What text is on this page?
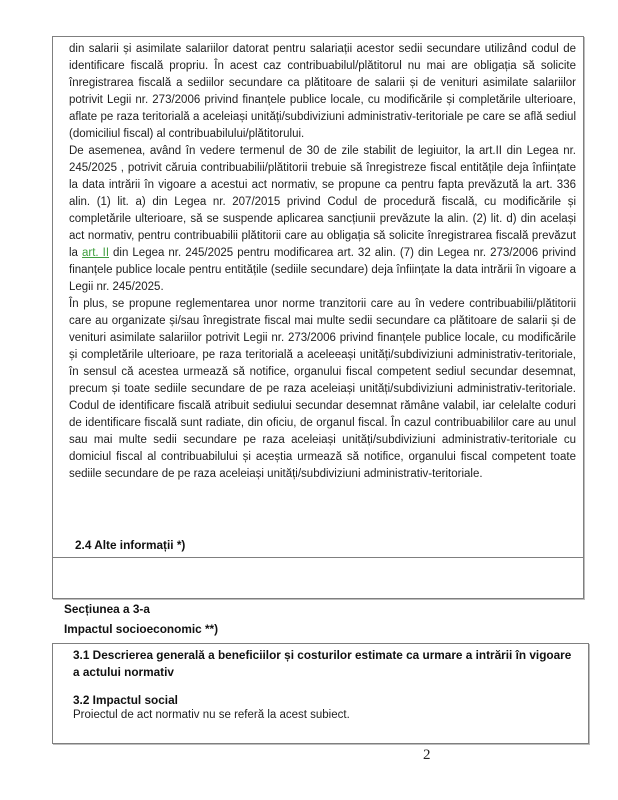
din salarii și asimilate salariilor datorat pentru salariații acestor sedii secundare utilizând codul de identificare fiscală propriu. În acest caz contribuabilul/plătitorul nu mai are obligația să solicite înregistrarea fiscală a sediilor secundare ca plătitoare de salarii și de venituri asimilate salariilor potrivit Legii nr. 273/2006 privind finanțele publice locale, cu modificările și completările ulterioare, aflate pe raza teritorială a aceleiași unități/subdiviziuni administrativ-teritoriale pe care se află sediul (domiciliul fiscal) al contribuabilului/plătitorului.

De asemenea, având în vedere termenul de 30 de zile stabilit de legiuitor, la art.II din Legea nr. 245/2025 , potrivit căruia contribuabilii/plătitorii trebuie să înregistreze fiscal entitățile deja înființate la data intrării în vigoare a acestui act normativ, se propune ca pentru fapta prevăzută la art. 336 alin. (1) lit. a) din Legea nr. 207/2015 privind Codul de procedură fiscală, cu modificările și completările ulterioare, să se suspende aplicarea sancțiunii prevăzute la alin. (2) lit. d) din același act normativ, pentru contribuabilii plătitorii care au obligația să solicite înregistrarea fiscală prevăzut la art. II din Legea nr. 245/2025 pentru modificarea art. 32 alin. (7) din Legea nr. 273/2006 privind finanțele publice locale pentru entitățile (sediile secundare) deja înființate la data intrării în vigoare a Legii nr. 245/2025.

În plus, se propune reglementarea unor norme tranzitorii care au în vedere contribuabilii/plătitorii care au organizate și/sau înregistrate fiscal mai multe sedii secundare ca plătitoare de salarii și de venituri asimilate salariilor potrivit Legii nr. 273/2006 privind finanțele publice locale, cu modificările și completările ulterioare, pe raza teritorială a aceleeași unități/subdiviziuni administrativ-teritoriale, în sensul că acestea urmează să notifice, organului fiscal competent sediul secundar desemnat, precum și toate sediile secundare de pe raza aceleiași unități/subdiviziuni administrativ-teritoriale. Codul de identificare fiscală atribuit sediului secundar desemnat rămâne valabil, iar celelalte coduri de identificare fiscală sunt radiate, din oficiu, de organul fiscal. În cazul contribuabililor care au unul sau mai multe sedii secundare pe raza aceleiași unități/subdiviziuni administrativ-teritoriale cu domiciul fiscal al contribuabilului și aceștia urmează să notifice, organului fiscal competent toate sediile secundare de pe raza aceleiași unități/subdiviziuni administrativ-teritoriale.

2.4 Alte informații *)

Secțiunea a 3-a

Impactul socioeconomic **)

3.1 Descrierea generală a beneficiilor și costurilor estimate ca urmare a intrării în vigoare a actului normativ

3.2 Impactul social

Proiectul de act normativ nu se referă la acest subiect.

2
